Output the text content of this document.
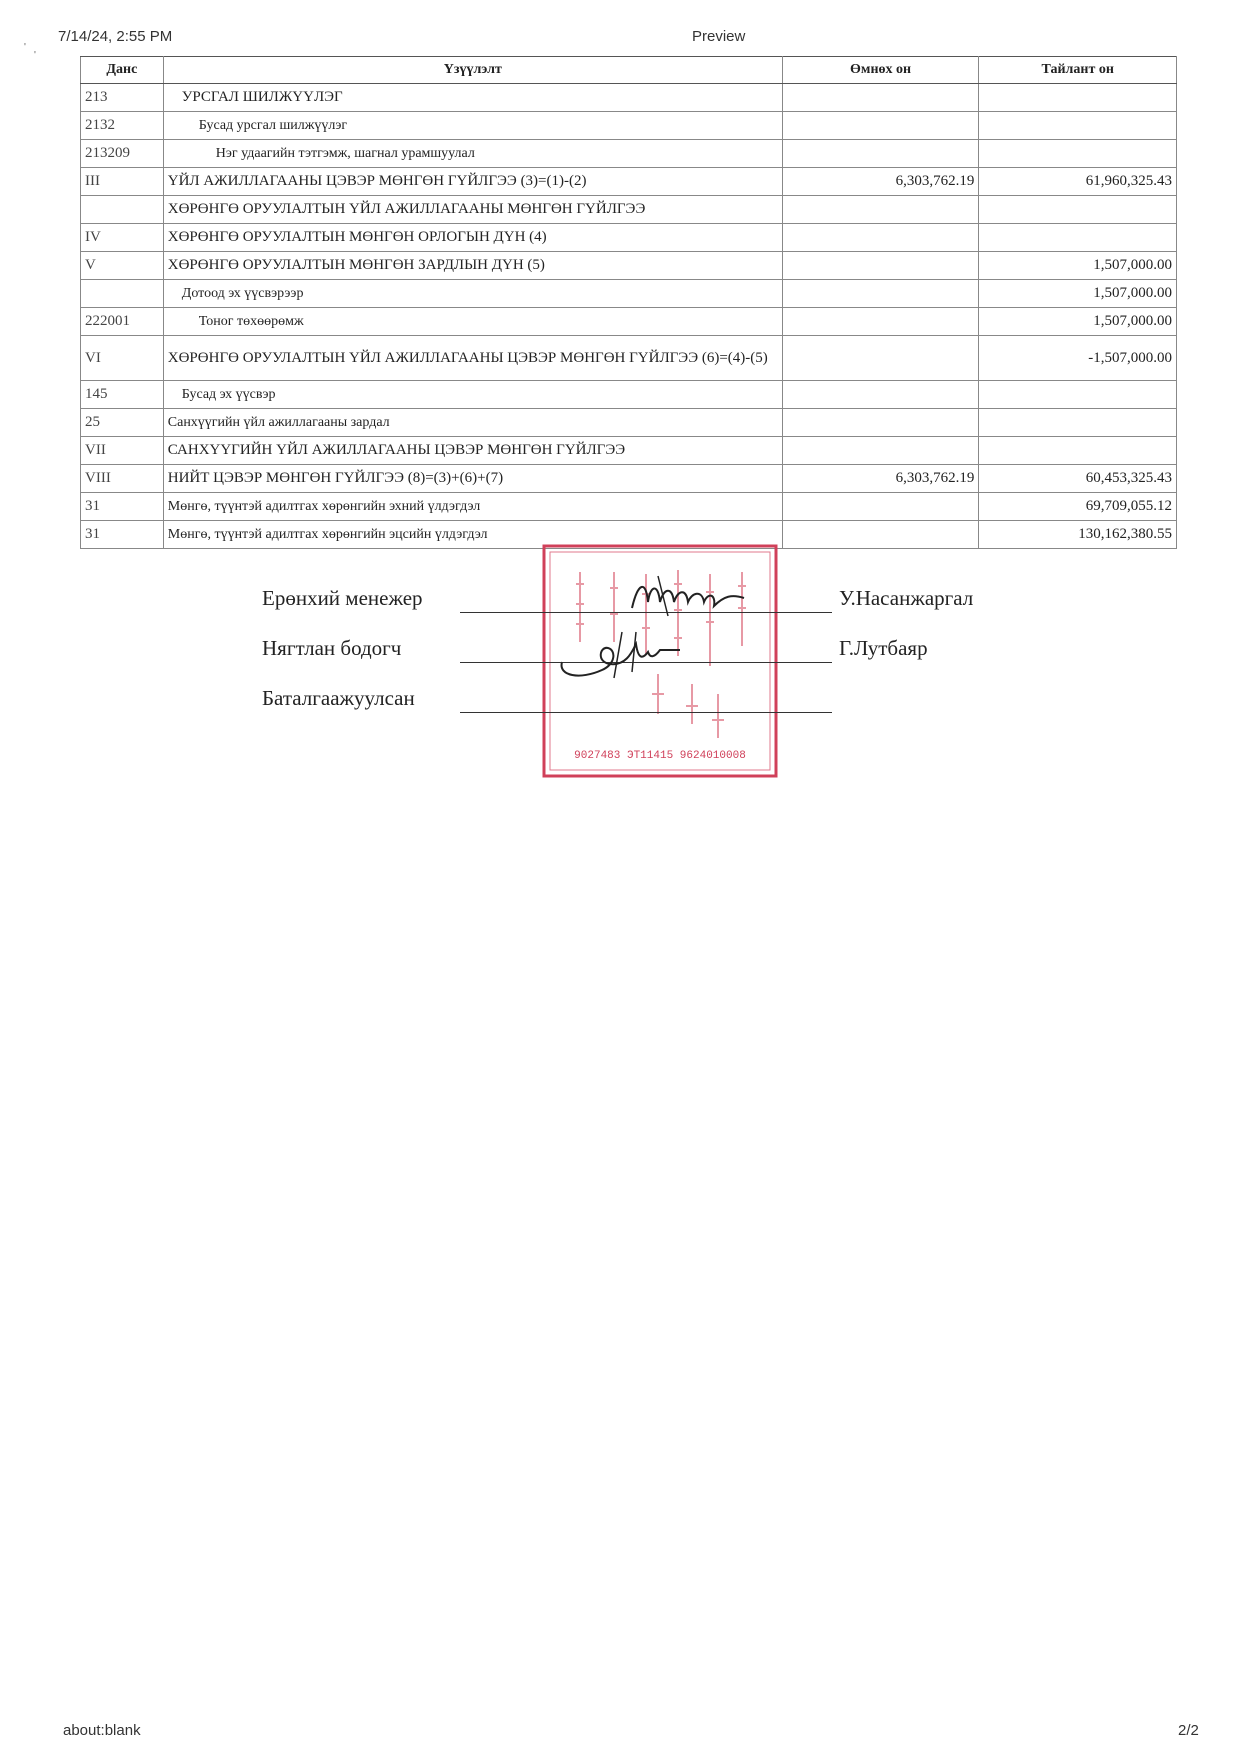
7/14/24, 2:55 PM	Preview
'
'
Данс	Үзүүлэлт	Өмнөх он	Тайлант он
213	УРСГАЛ ШИЛЖҮҮЛЭГ		
2132	Бусад урсгал шилжүүлэг		
213209	Нэг удаагийн тэтгэмж, шагнал урамшуулал		
III	ҮЙЛ АЖИЛЛАГААНЫ ЦЭВЭР МӨНГӨН ГҮЙЛГЭЭ (3)=(1)-(2)	6,303,762.19	61,960,325.43
	ХӨРӨНГӨ ОРУУЛАЛТЫН ҮЙЛ АЖИЛЛАГААНЫ МӨНГӨН ГҮЙЛГЭЭ		
IV	ХӨРӨНГӨ ОРУУЛАЛТЫН МӨНГӨН ОРЛОГЫН ДҮН (4)		
V	ХӨРӨНГӨ ОРУУЛАЛТЫН МӨНГӨН ЗАРДЛЫН ДҮН (5)		1,507,000.00
	Дотоод эх үүсвэрээр		1,507,000.00
222001	Тоног төхөөрөмж		1,507,000.00
VI	ХӨРӨНГӨ ОРУУЛАЛТЫН ҮЙЛ АЖИЛЛАГААНЫ ЦЭВЭР МӨНГӨН ГҮЙЛГЭЭ (6)=(4)-(5)		-1,507,000.00
145	Бусад эх үүсвэр		
25	Санхүүгийн үйл ажиллагааны зардал		
VII	САНХҮҮГИЙН ҮЙЛ АЖИЛЛАГААНЫ ЦЭВЭР МӨНГӨН ГҮЙЛГЭЭ		
VIII	НИЙТ ЦЭВЭР МӨНГӨН ГҮЙЛГЭЭ (8)=(3)+(6)+(7)	6,303,762.19	60,453,325.43
31	Мөнгө, түүнтэй адилтгах хөрөнгийн эхний үлдэгдэл		69,709,055.12
31	Мөнгө, түүнтэй адилтгах хөрөнгийн эцсийн үлдэгдэл		130,162,380.55
9027483 ЭТ11415 9624010008
Ерөнхий менежер	У.Насанжаргал
Нягтлан бодогч	Г.Лутбаяр
Баталгаажуулсан
about:blank	2/2
